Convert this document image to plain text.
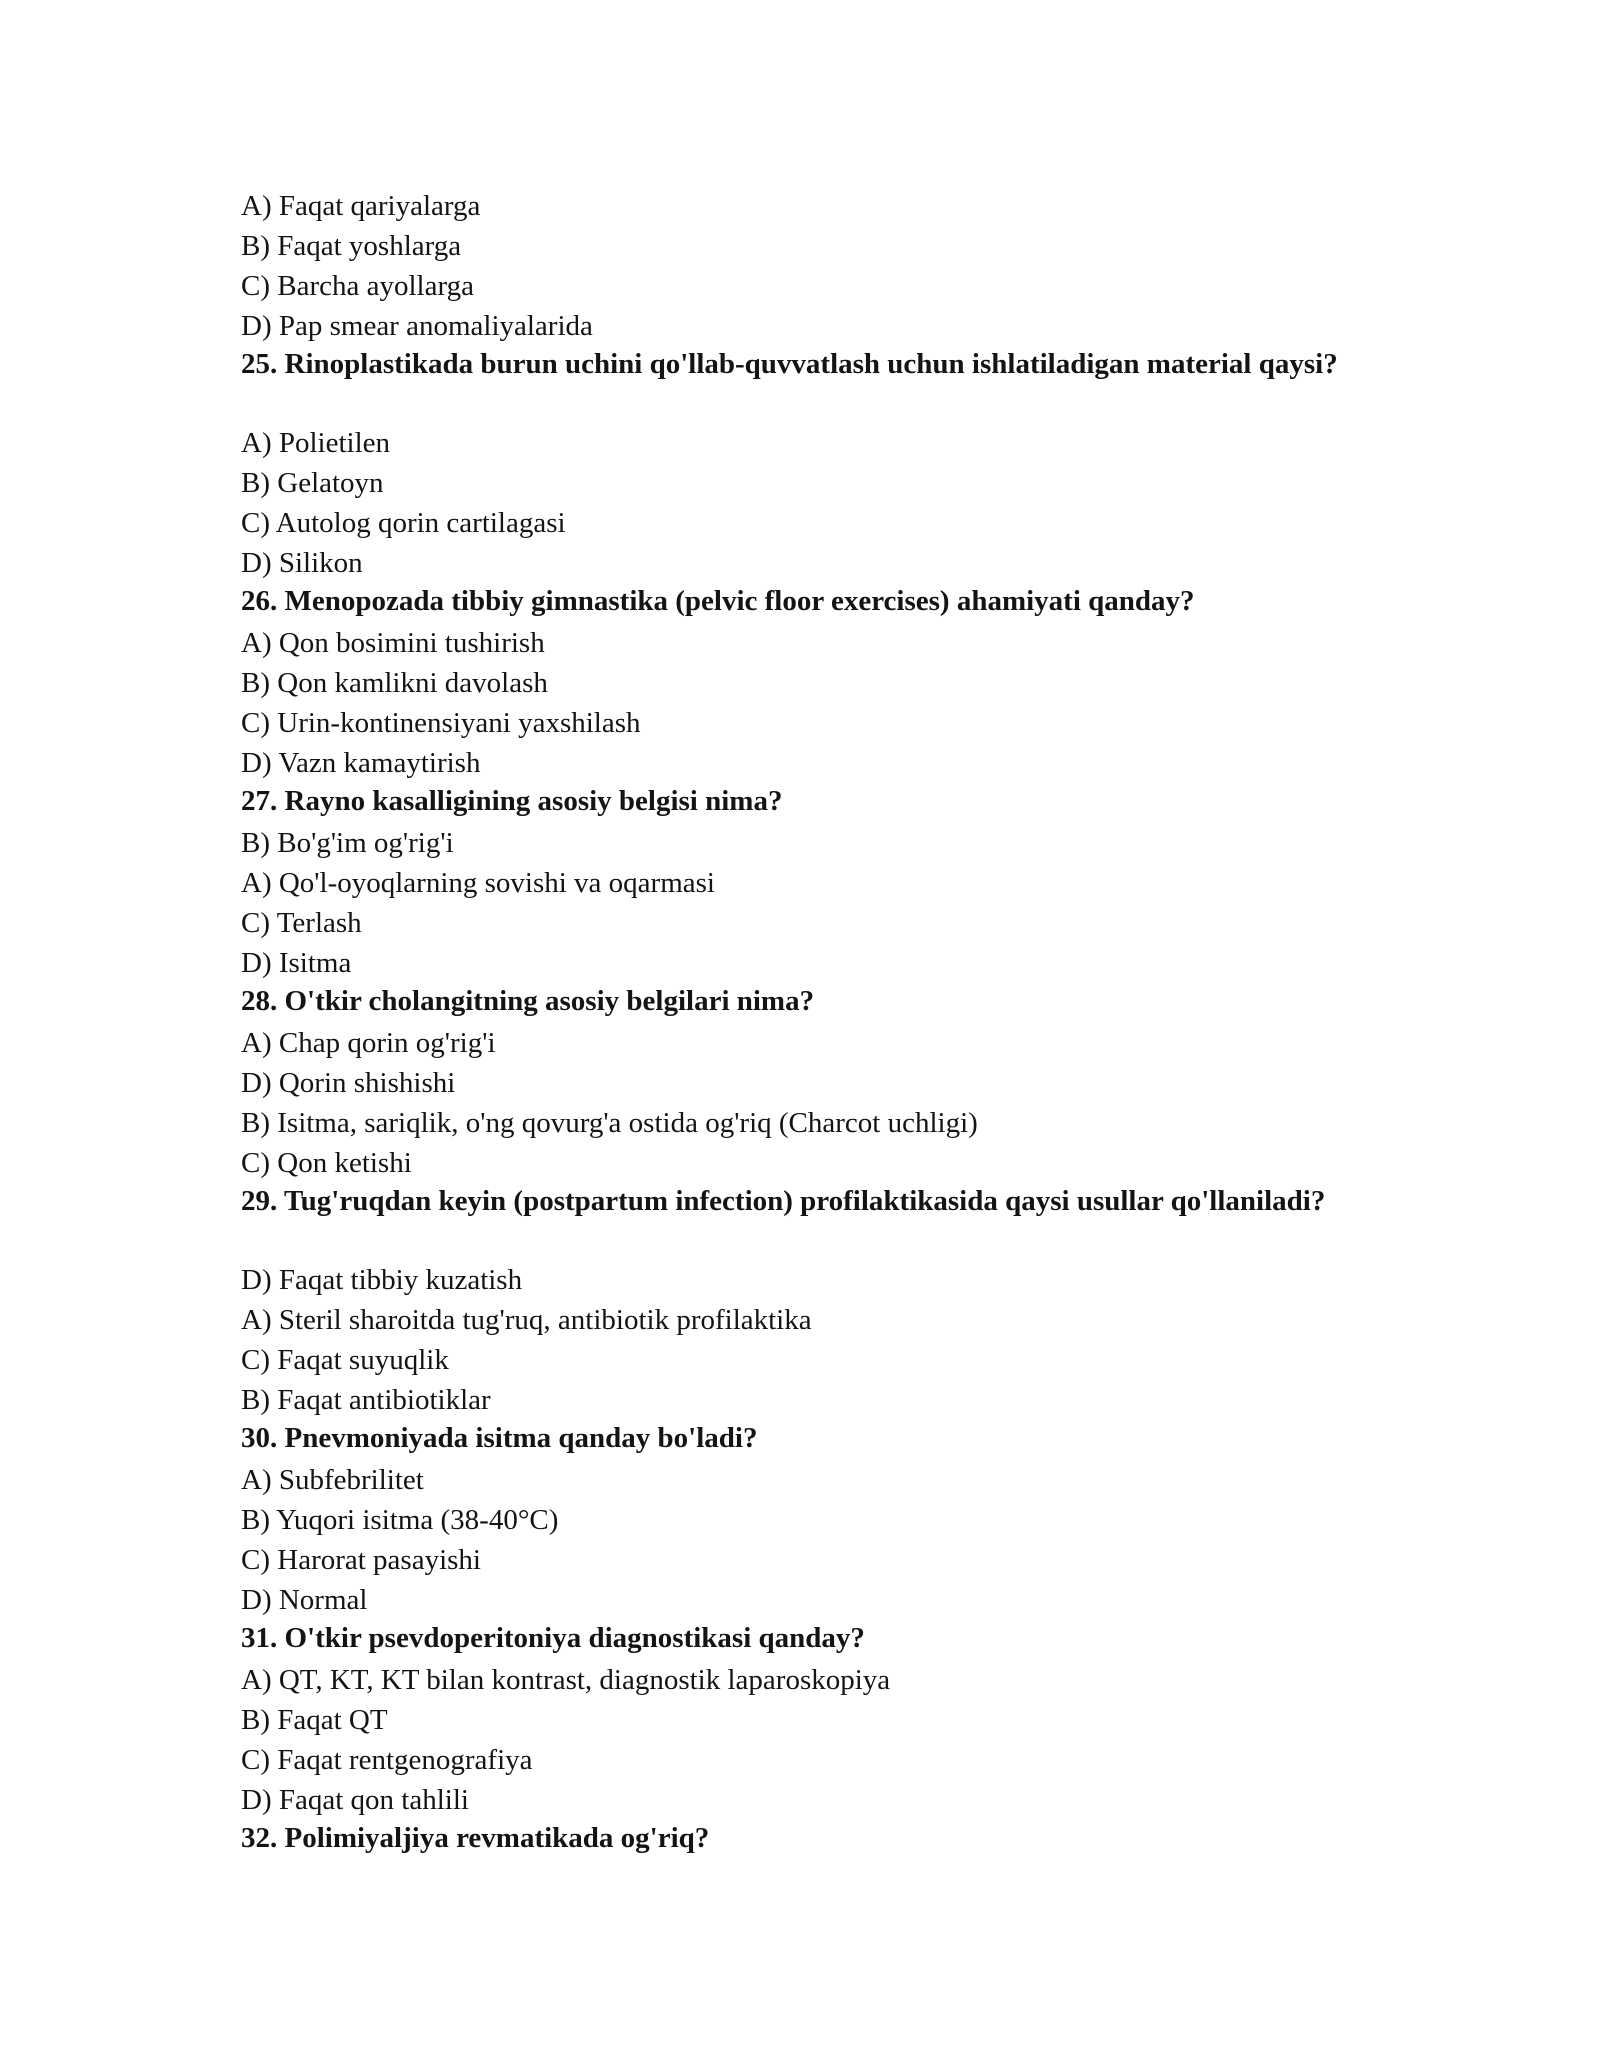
A) Faqat qariyalarga
B) Faqat yoshlarga
C) Barcha ayollarga
D) Pap smear anomaliyalarida
25. Rinoplastikada burun uchini qo'llab-quvvatlash uchun ishlatiladigan material qaysi?
A) Polietilen
B) Gelatoyn
C) Autolog qorin cartilagasi
D) Silikon
26. Menopozada tibbiy gimnastika (pelvic floor exercises) ahamiyati qanday?
A) Qon bosimini tushirish
B) Qon kamlikni davolash
C) Urin-kontinensiyani yaxshilash
D) Vazn kamaytirish
27. Rayno kasalligining asosiy belgisi nima?
B) Bo'g'im og'rig'i
A) Qo'l-oyoqlarning sovishi va oqarmasi
C) Terlash
D) Isitma
28. O'tkir cholangitning asosiy belgilari nima?
A) Chap qorin og'rig'i
D) Qorin shishishi
B) Isitma, sariqlik, o'ng qovurg'a ostida og'riq (Charcot uchligi)
C) Qon ketishi
29. Tug'ruqdan keyin (postpartum infection) profilaktikasida qaysi usullar qo'llaniladi?
D) Faqat tibbiy kuzatish
A) Steril sharoitda tug'ruq, antibiotik profilaktika
C) Faqat suyuqlik
B) Faqat antibiotiklar
30. Pnevmoniyada isitma qanday bo'ladi?
A) Subfebrilitet
B) Yuqori isitma (38-40°C)
C) Harorat pasayishi
D) Normal
31. O'tkir psevdoperitoniya diagnostikasi qanday?
A) QT, KT, KT bilan kontrast, diagnostik laparoskopiya
B) Faqat QT
C) Faqat rentgenografiya
D) Faqat qon tahlili
32. Polimiyaljiya revmatikada og'riq?
